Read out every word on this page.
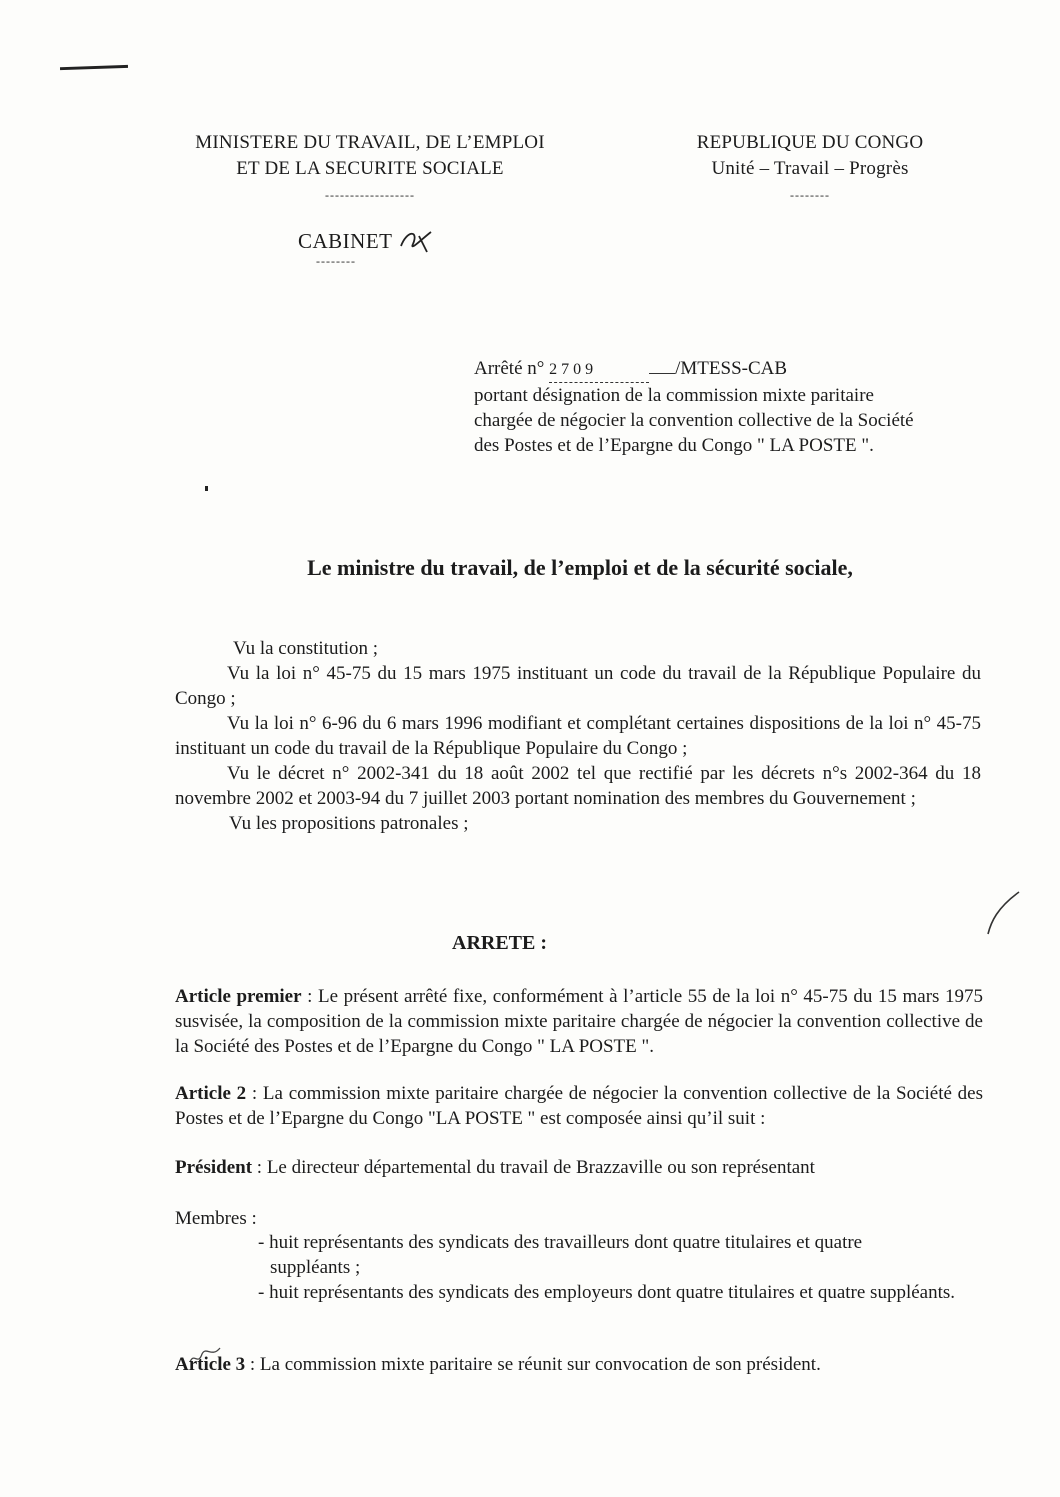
MINISTERE DU TRAVAIL, DE L’EMPLOI
ET DE LA SECURITE SOCIALE
------------------
REPUBLIQUE DU CONGO
Unité – Travail – Progrès
--------
CABINET
--------
Arrêté n° 2 7 0 9	/MTESS-CAB
portant désignation de la commission mixte paritaire chargée de négocier la convention collective de la Société des Postes et de l’Epargne du Congo " LA POSTE ".
Le ministre du travail, de l’emploi et de la sécurité sociale,
Vu la constitution ;
Vu la loi n° 45-75 du 15 mars 1975 instituant un code du travail de la République Populaire du Congo ;
Vu la loi n° 6-96 du 6 mars 1996 modifiant et complétant certaines dispositions de la loi n° 45-75 instituant un code du travail de la République Populaire du Congo ;
Vu le décret n° 2002-341 du 18 août 2002 tel que rectifié par les décrets n°s 2002-364 du 18 novembre 2002 et 2003-94 du 7 juillet 2003 portant nomination des membres du Gouvernement ;
Vu les propositions patronales ;
ARRETE :
Article premier : Le présent arrêté fixe, conformément à l’article 55 de la loi n° 45-75 du 15 mars 1975 susvisée, la composition de la commission mixte paritaire chargée de négocier la convention collective de la Société des Postes et de l’Epargne du Congo " LA POSTE ".
Article 2 : La commission mixte paritaire chargée de négocier la convention collective de la Société des Postes et de l’Epargne du Congo "LA POSTE " est composée ainsi qu’il suit :
Président : Le directeur départemental du travail de Brazzaville ou son représentant
Membres :
- huit représentants des syndicats des travailleurs dont quatre titulaires et quatre suppléants ;
- huit représentants des syndicats des employeurs dont quatre titulaires et quatre suppléants.
Article 3 : La commission mixte paritaire se réunit sur convocation de son président.
